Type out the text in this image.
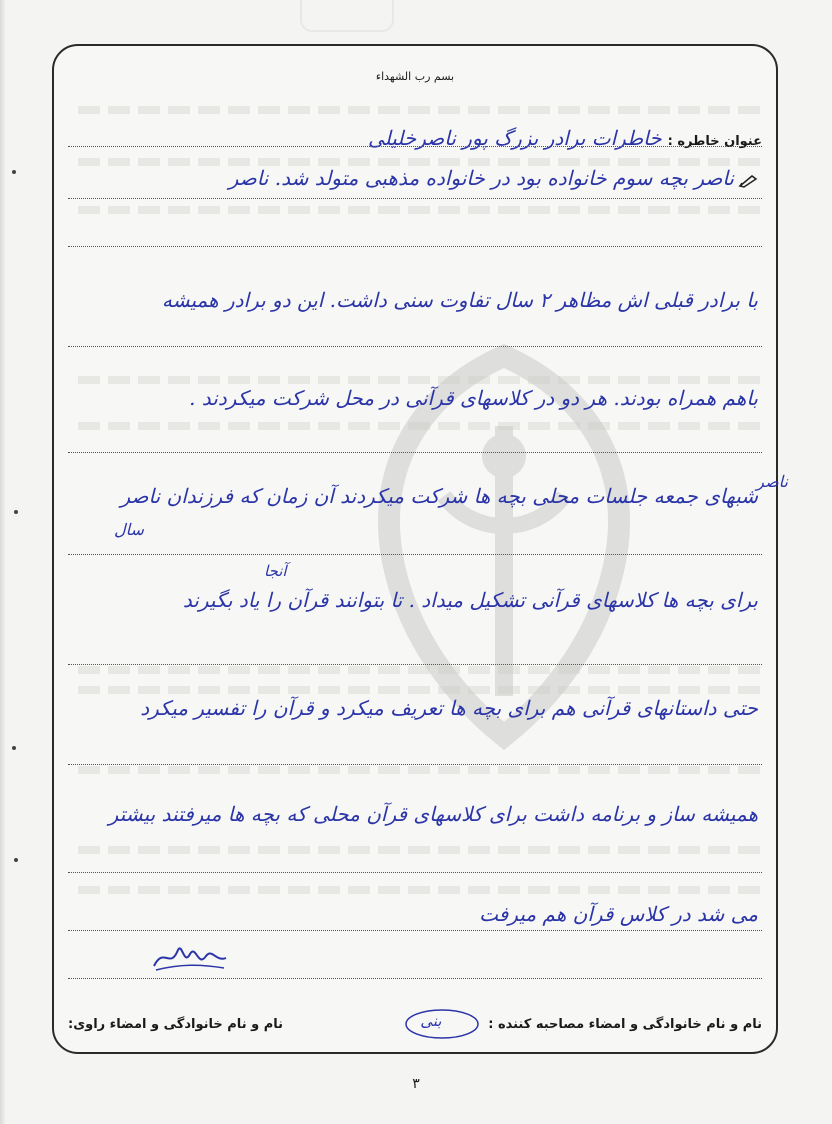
بسم رب الشهداء
عنوان خاطره :
خاطرات برادر بزرگ پور ناصرخلیلی
ناصر بچه سوم خانواده بود در خانواده مذهبی متولد شد. ناصر
با برادر قبلی اش مظاهر ۲ سال تفاوت سنی داشت. این دو برادر همیشه
باهم همراه بودند. هر دو در کلاسهای قرآنی در محل شرکت میکردند .
شبهای جمعه جلسات محلی بچه ها شرکت میکردند آن زمان که فرزندان ناصر
سال
آنجا
برای بچه ها کلاسهای قرآنی تشکیل میداد . تا بتوانند قرآن را یاد بگیرند
حتی داستانهای قرآنی هم برای بچه ها تعریف میکرد و قرآن را تفسیر میکرد
همیشه ساز و برنامه داشت برای کلاسهای قرآن محلی که بچه ها میرفتند بیشتر
می شد در کلاس قرآن هم میرفت
نام و نام خانوادگی و امضاء مصاحبه کننده :
بنی
نام و نام خانوادگی و امضاء راوی:
ناصر
٣
